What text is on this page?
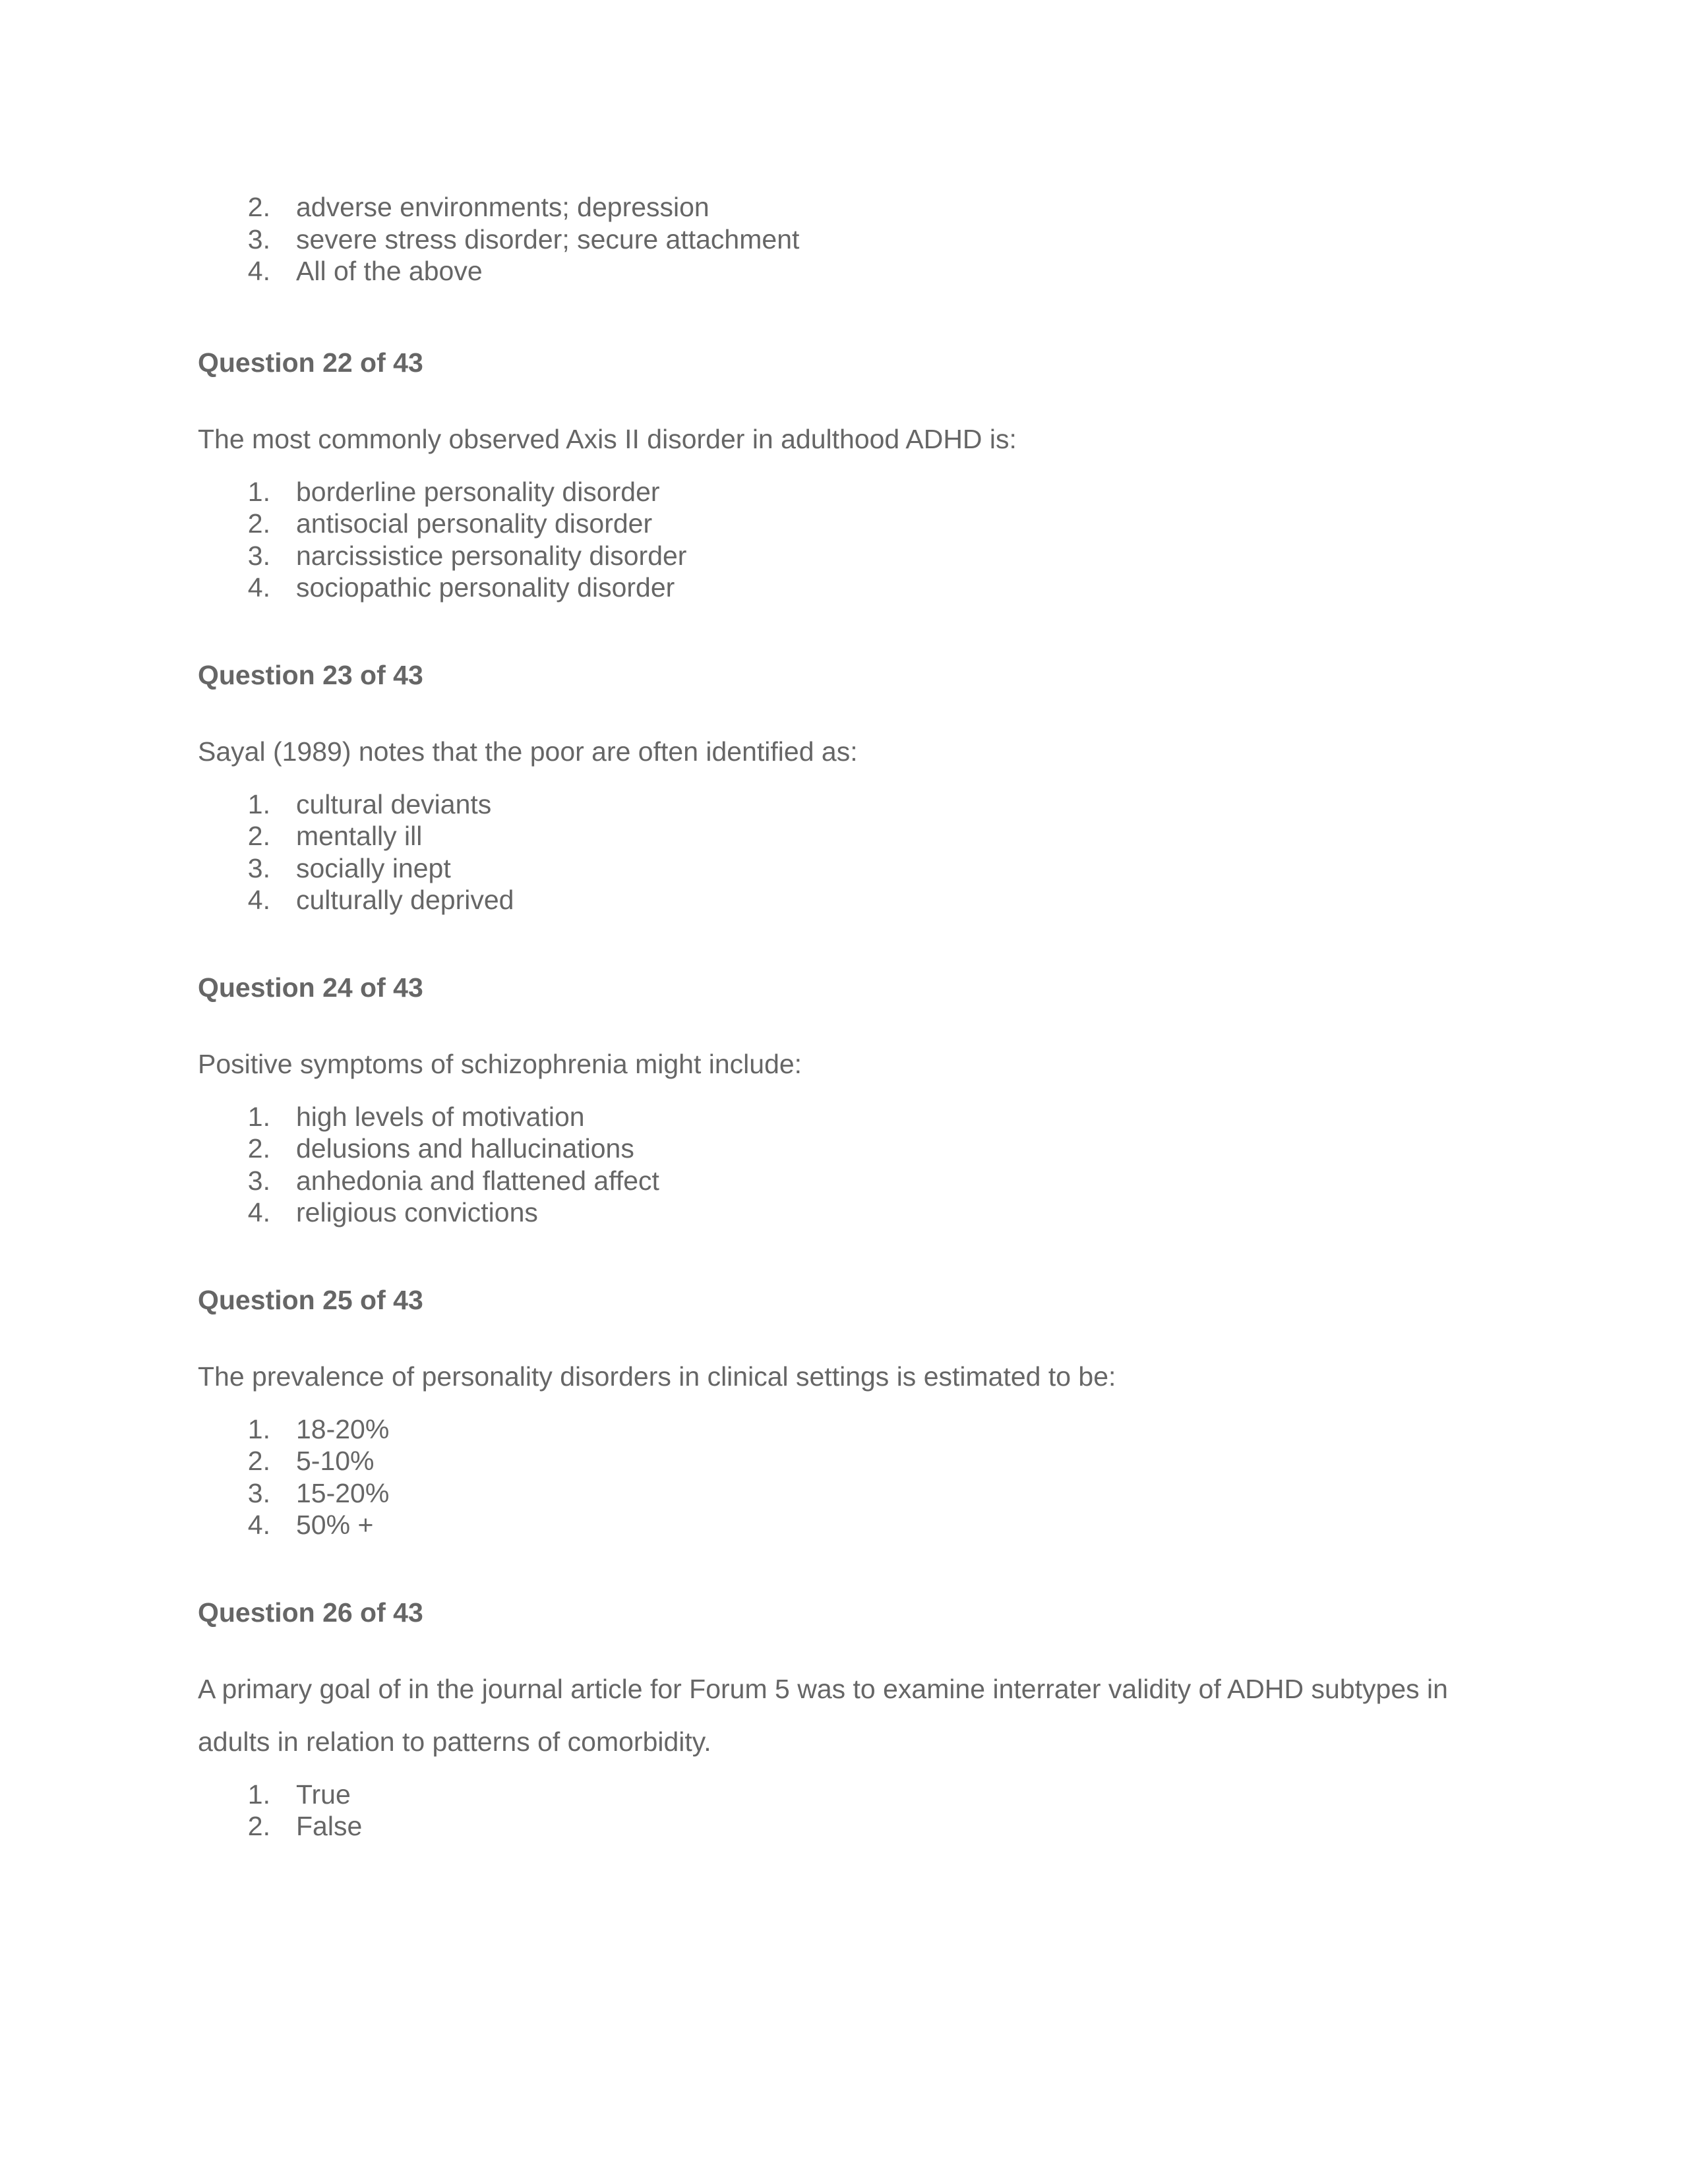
2. adverse environments; depression
3. severe stress disorder; secure attachment
4. All of the above
Question 22 of 43

The most commonly observed Axis II disorder in adulthood ADHD is:

1. borderline personality disorder
2. antisocial personality disorder
3. narcissistice personality disorder
4. sociopathic personality disorder
Question 23 of 43

Sayal (1989) notes that the poor are often identified as:

1. cultural deviants
2. mentally ill
3. socially inept
4. culturally deprived
Question 24 of 43

Positive symptoms of schizophrenia might include:

1. high levels of motivation
2. delusions and hallucinations
3. anhedonia and flattened affect
4. religious convictions
Question 25 of 43

The prevalence of personality disorders in clinical settings is estimated to be:

1. 18-20%
2. 5-10%
3. 15-20%
4. 50% +
Question 26 of 43

A primary goal of in the journal article for Forum 5 was to examine interrater validity of ADHD subtypes in adults in relation to patterns of comorbidity.

1. True
2. False
